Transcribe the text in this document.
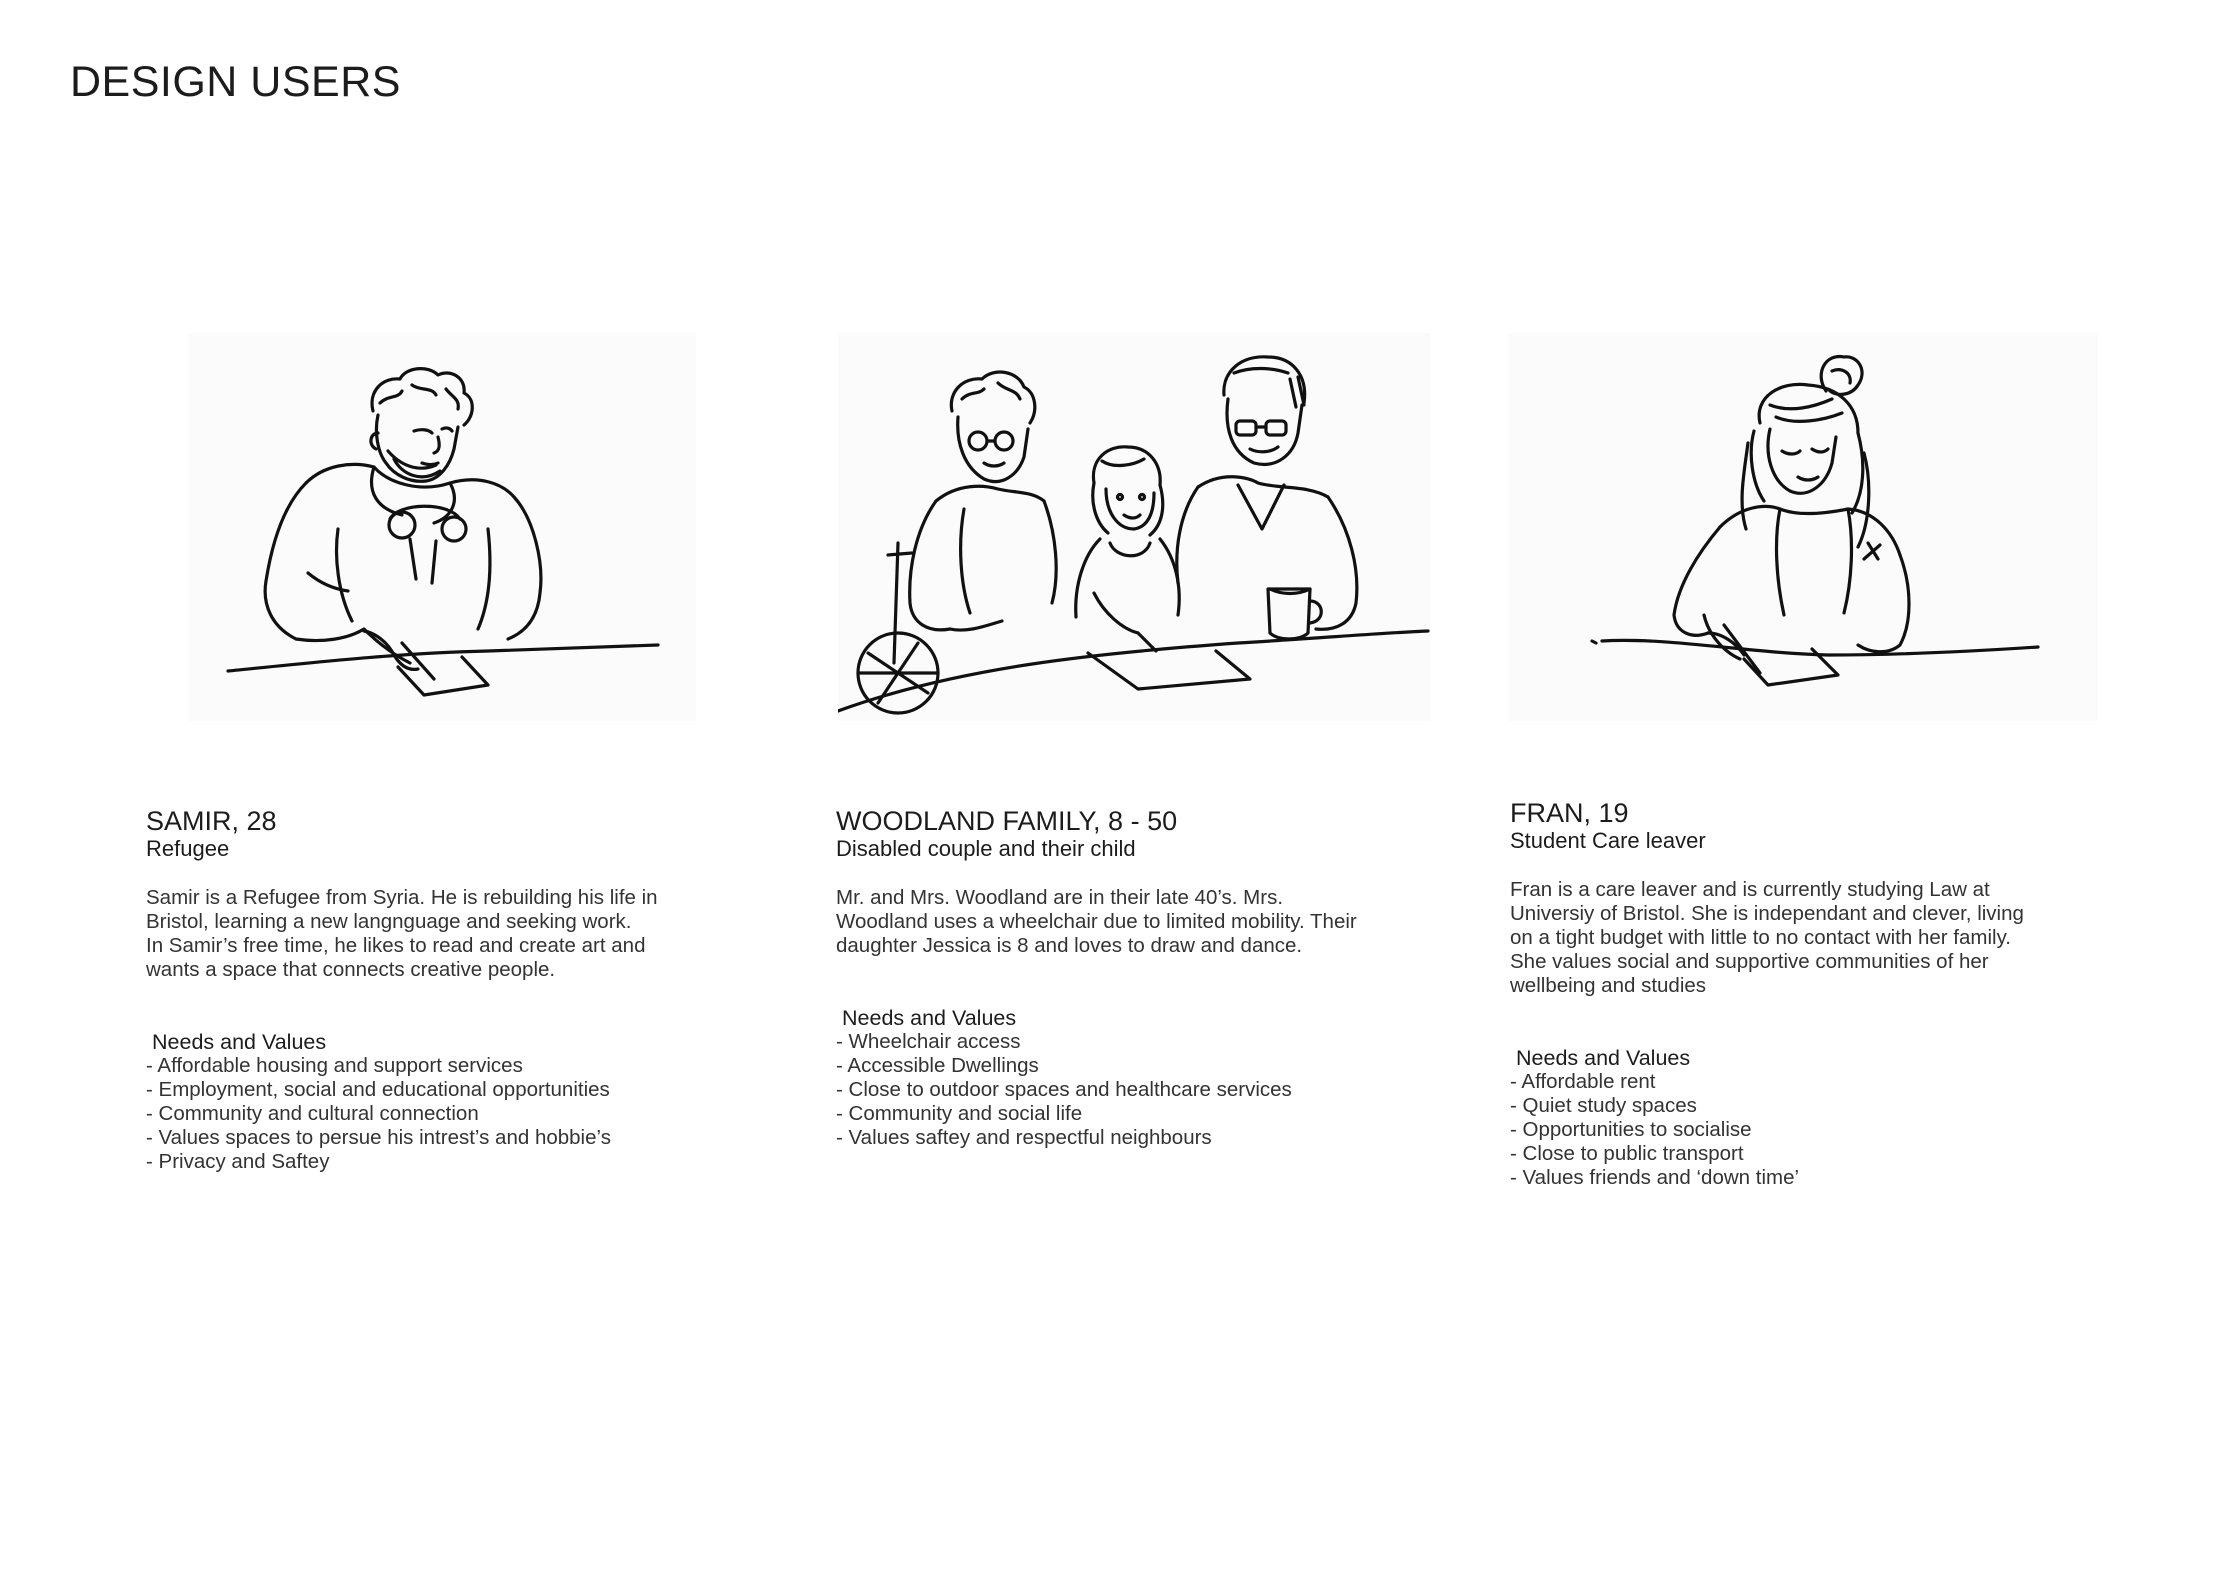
DESIGN USERS
SAMIR, 28
Refugee
Samir is a Refugee from Syria. He is rebuilding his life in
Bristol, learning a new langnguage and seeking work.
In Samir’s free time, he likes to read and create art and
wants a space that connects creative people.
Needs and Values
- Affordable housing and support services
- Employment, social and educational opportunities
- Community and cultural connection
- Values spaces to persue his intrest’s and hobbie’s
- Privacy and Saftey
WOODLAND FAMILY, 8 - 50
Disabled couple and their child
Mr. and Mrs. Woodland are in their late 40’s. Mrs.
Woodland uses a wheelchair due to limited mobility. Their
daughter Jessica is 8 and loves to draw and dance.
Needs and Values
- Wheelchair access
- Accessible Dwellings
- Close to outdoor spaces and healthcare services
- Community and social life
- Values saftey and respectful neighbours
FRAN, 19
Student Care leaver
Fran is a care leaver and is currently studying Law at
Universiy of Bristol. She is independant and clever, living
on a tight budget with little to no contact with her family.
She values social and supportive communities of her
wellbeing and studies
Needs and Values
- Affordable rent
- Quiet study spaces
- Opportunities to socialise
- Close to public transport
- Values friends and ‘down time’
